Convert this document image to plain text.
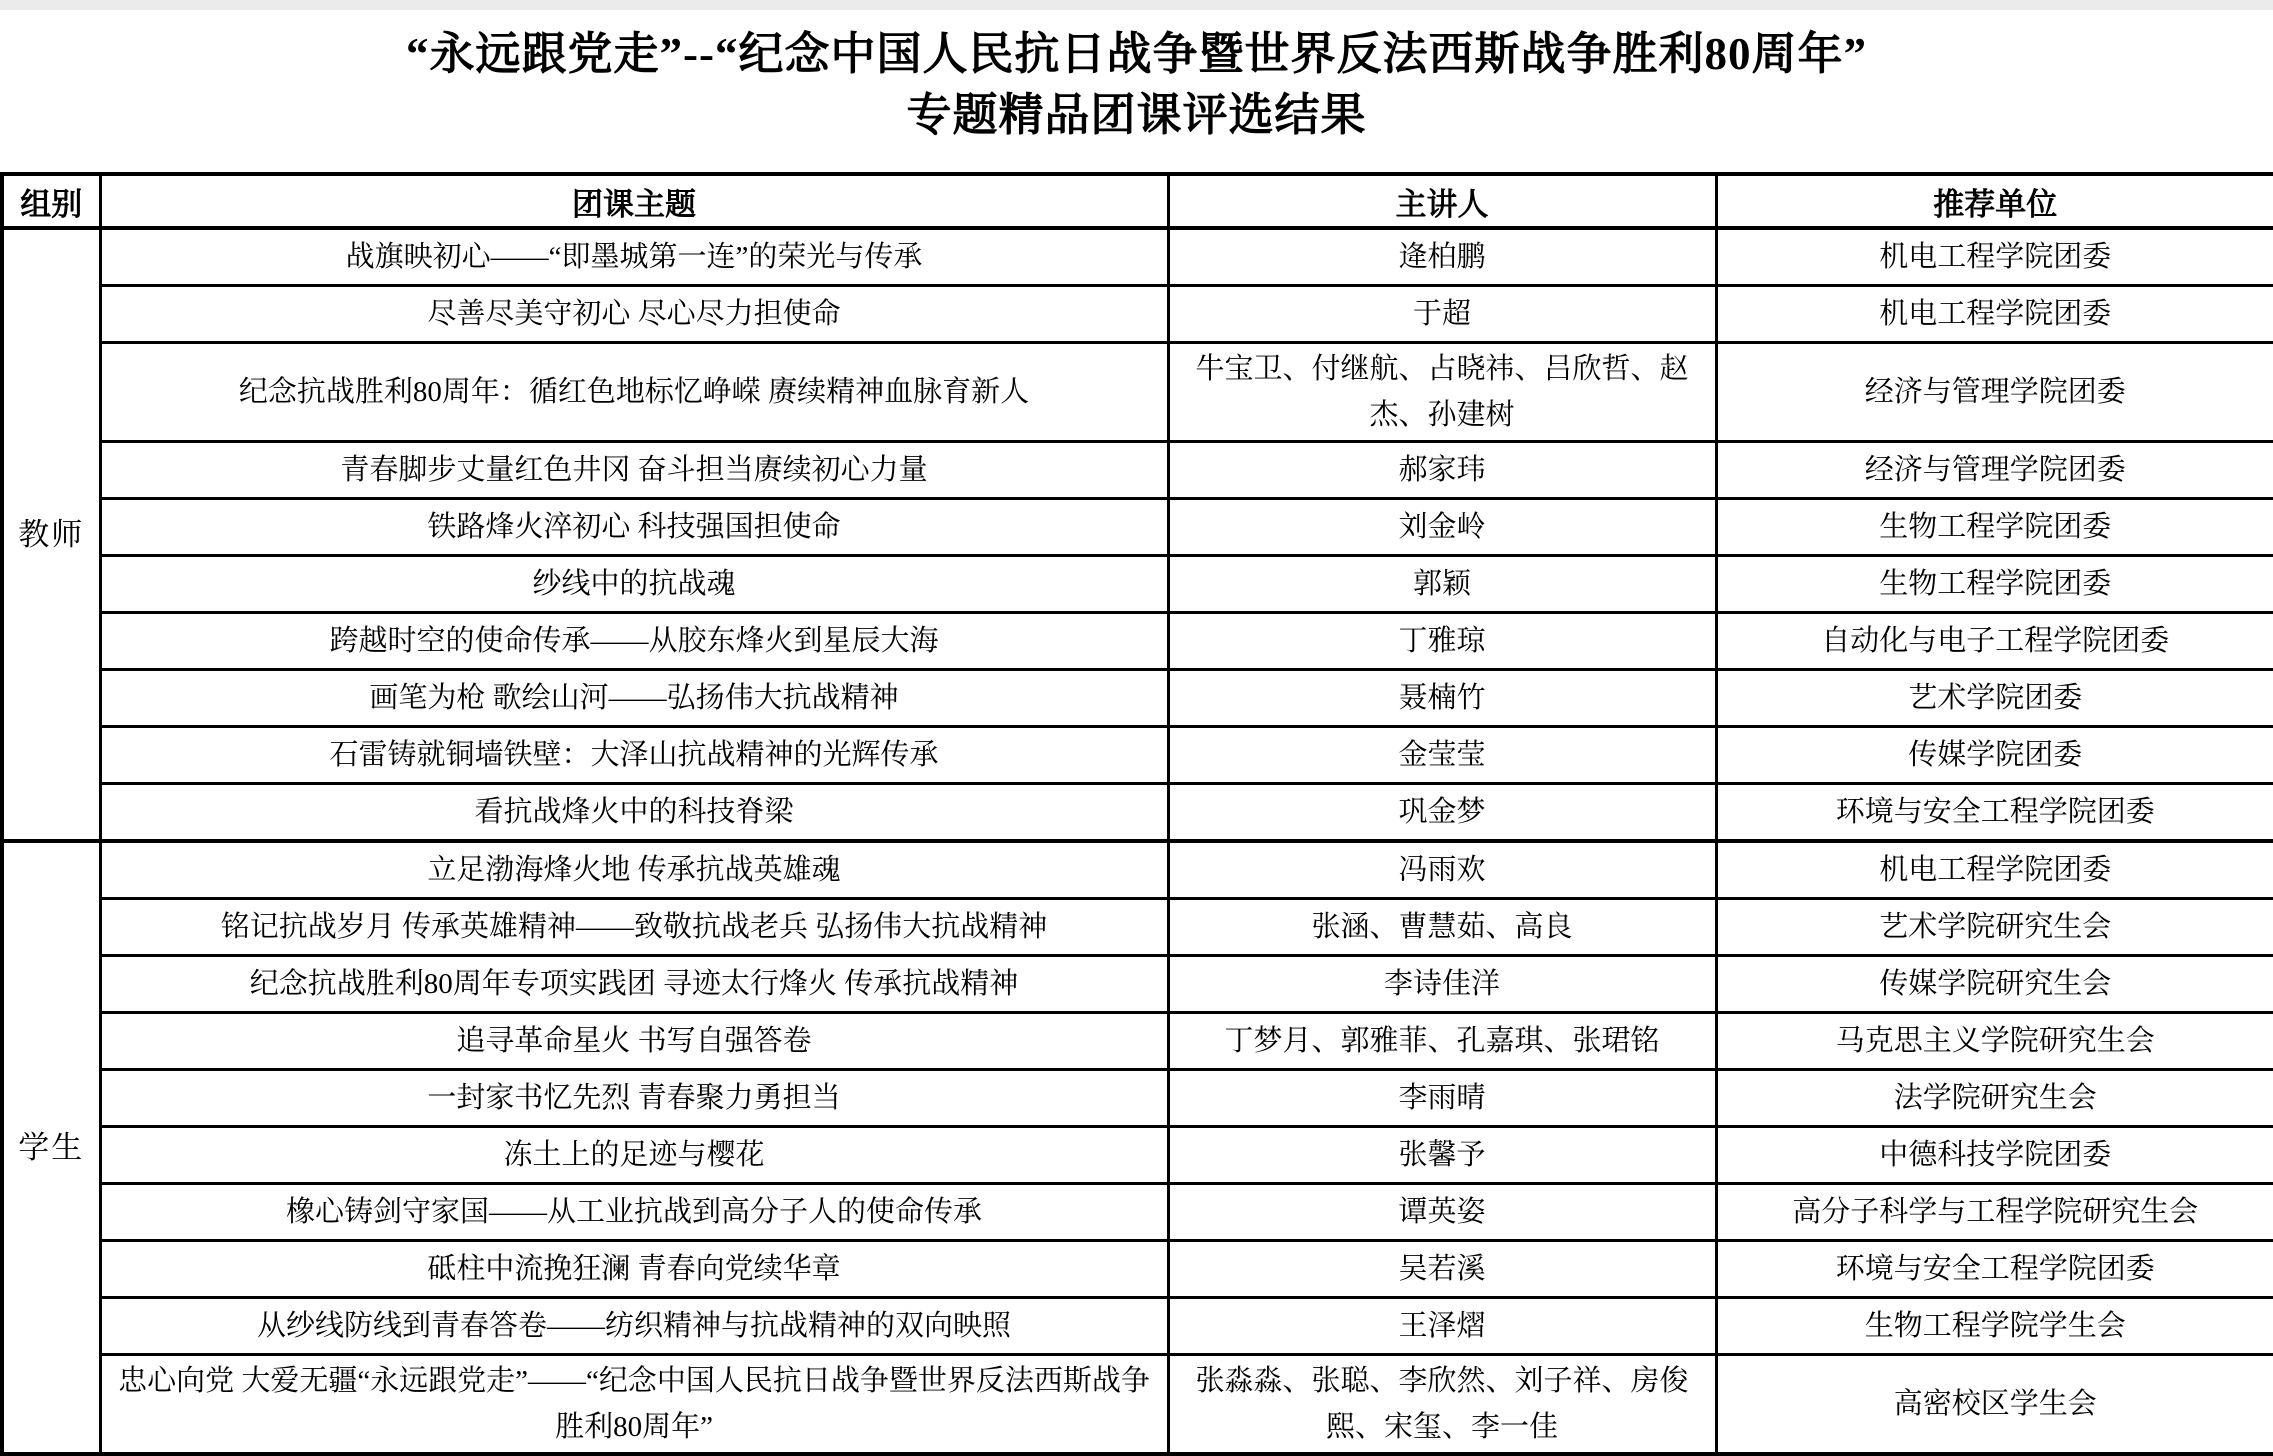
“永远跟党走”--“纪念中国人民抗日战争暨世界反法西斯战争胜利80周年”
专题精品团课评选结果
组别	团课主题	主讲人	推荐单位
教师	战旗映初心——“即墨城第一连”的荣光与传承	逄柏鹏	机电工程学院团委
	尽善尽美守初心 尽心尽力担使命	于超	机电工程学院团委
	纪念抗战胜利80周年：循红色地标忆峥嵘 赓续精神血脉育新人	牛宝卫、付继航、占晓祎、吕欣哲、赵杰、孙建树	经济与管理学院团委
	青春脚步丈量红色井冈 奋斗担当赓续初心力量	郝家玮	经济与管理学院团委
	铁路烽火淬初心 科技强国担使命	刘金岭	生物工程学院团委
	纱线中的抗战魂	郭颖	生物工程学院团委
	跨越时空的使命传承——从胶东烽火到星辰大海	丁雅琼	自动化与电子工程学院团委
	画笔为枪 歌绘山河——弘扬伟大抗战精神	聂楠竹	艺术学院团委
	石雷铸就铜墙铁壁：大泽山抗战精神的光辉传承	金莹莹	传媒学院团委
	看抗战烽火中的科技脊梁	巩金梦	环境与安全工程学院团委
学生	立足渤海烽火地 传承抗战英雄魂	冯雨欢	机电工程学院团委
	铭记抗战岁月 传承英雄精神——致敬抗战老兵 弘扬伟大抗战精神	张涵、曹慧茹、高良	艺术学院研究生会
	纪念抗战胜利80周年专项实践团 寻迹太行烽火 传承抗战精神	李诗佳洋	传媒学院研究生会
	追寻革命星火 书写自强答卷	丁梦月、郭雅菲、孔嘉琪、张珺铭	马克思主义学院研究生会
	一封家书忆先烈 青春聚力勇担当	李雨晴	法学院研究生会
	冻土上的足迹与樱花	张馨予	中德科技学院团委
	橡心铸剑守家国——从工业抗战到高分子人的使命传承	谭英姿	高分子科学与工程学院研究生会
	砥柱中流挽狂澜 青春向党续华章	吴若溪	环境与安全工程学院团委
	从纱线防线到青春答卷——纺织精神与抗战精神的双向映照	王泽熠	生物工程学院学生会
	忠心向党 大爱无疆“永远跟党走”——“纪念中国人民抗日战争暨世界反法西斯战争胜利80周年”	张淼淼、张聪、李欣然、刘子祥、房俊熙、宋玺、李一佳	高密校区学生会
